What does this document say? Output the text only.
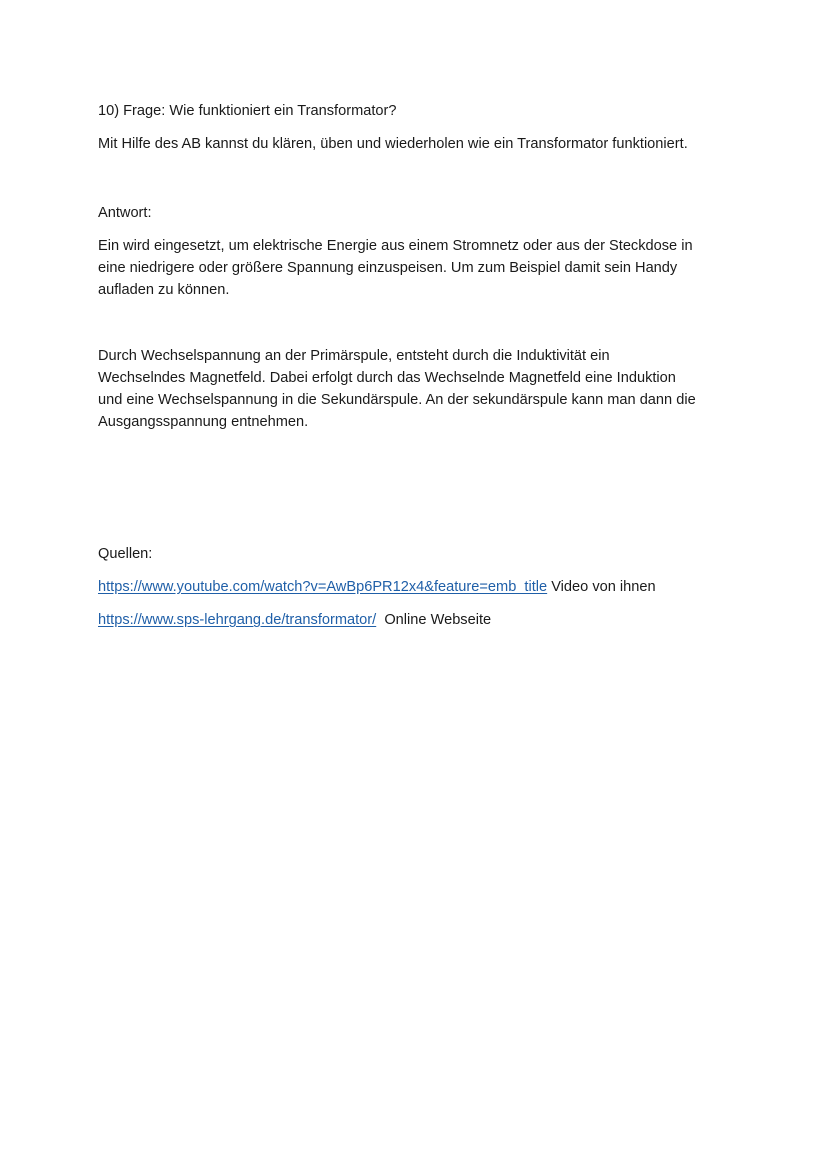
10) Frage: Wie funktioniert ein Transformator?

Mit Hilfe des AB kannst du klären, üben und wiederholen wie ein Transformator funktioniert.

Antwort:

Ein wird eingesetzt, um elektrische Energie aus einem Stromnetz oder aus der Steckdose in
eine niedrigere oder größere Spannung einzuspeisen. Um zum Beispiel damit sein Handy
aufladen zu können.

Durch Wechselspannung an der Primärspule, entsteht durch die Induktivität ein
Wechselndes Magnetfeld. Dabei erfolgt durch das Wechselnde Magnetfeld eine Induktion
und eine Wechselspannung in die Sekundärspule. An der sekundärspule kann man dann die
Ausgangsspannung entnehmen.

Quellen:

https://www.youtube.com/watch?v=AwBp6PR12x4&feature=emb_title Video von ihnen

https://www.sps-lehrgang.de/transformator/  Online Webseite
